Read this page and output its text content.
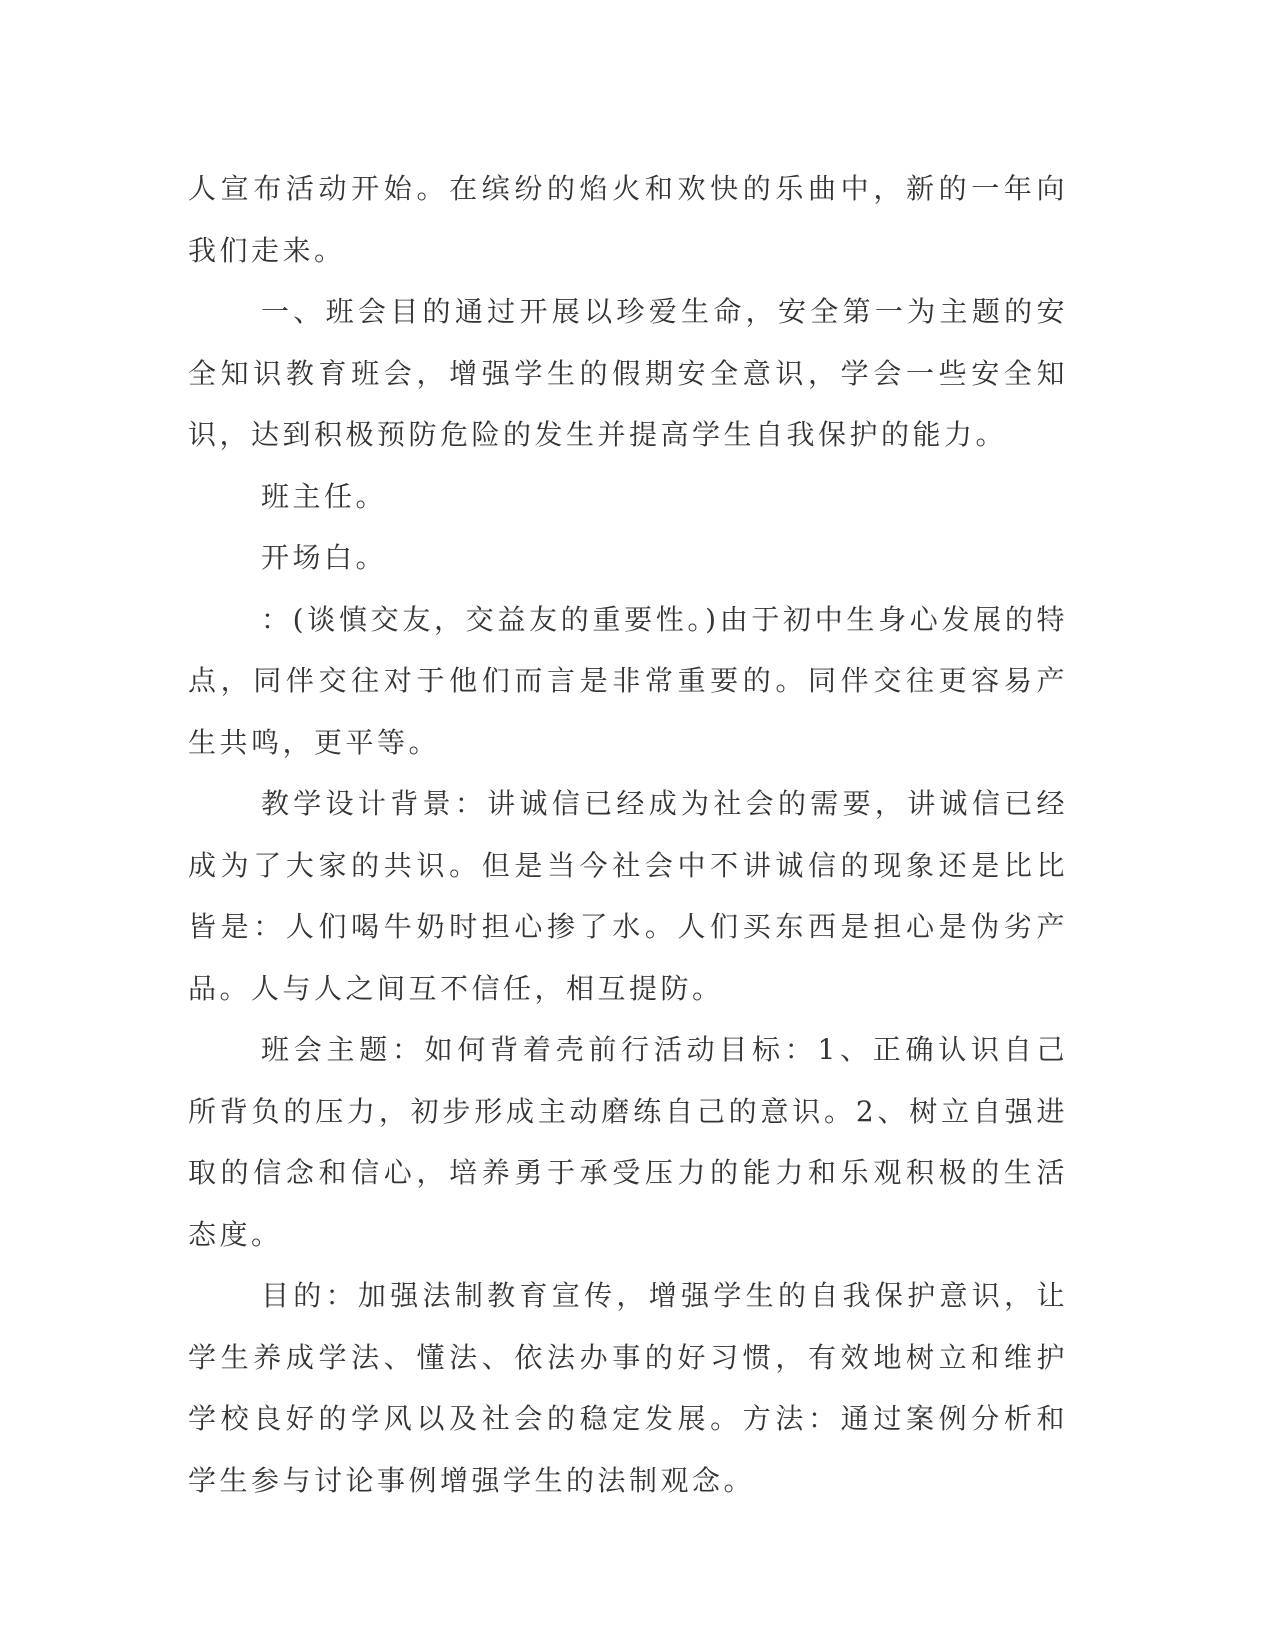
人宣布活动开始。在缤纷的焰火和欢快的乐曲中，新的一年向我们走来。

一、班会目的通过开展以珍爱生命，安全第一为主题的安全知识教育班会，增强学生的假期安全意识，学会一些安全知识，达到积极预防危险的发生并提高学生自我保护的能力。

班主任。

开场白。

：(谈慎交友，交益友的重要性。)由于初中生身心发展的特点，同伴交往对于他们而言是非常重要的。同伴交往更容易产生共鸣，更平等。

教学设计背景：讲诚信已经成为社会的需要，讲诚信已经成为了大家的共识。但是当今社会中不讲诚信的现象还是比比皆是：人们喝牛奶时担心掺了水。人们买东西是担心是伪劣产品。人与人之间互不信任，相互提防。

班会主题：如何背着壳前行活动目标：1、正确认识自己所背负的压力，初步形成主动磨练自己的意识。2、树立自强进取的信念和信心，培养勇于承受压力的能力和乐观积极的生活态度。

目的：加强法制教育宣传，增强学生的自我保护意识，让学生养成学法、懂法、依法办事的好习惯，有效地树立和维护学校良好的学风以及社会的稳定发展。方法：通过案例分析和学生参与讨论事例增强学生的法制观念。
